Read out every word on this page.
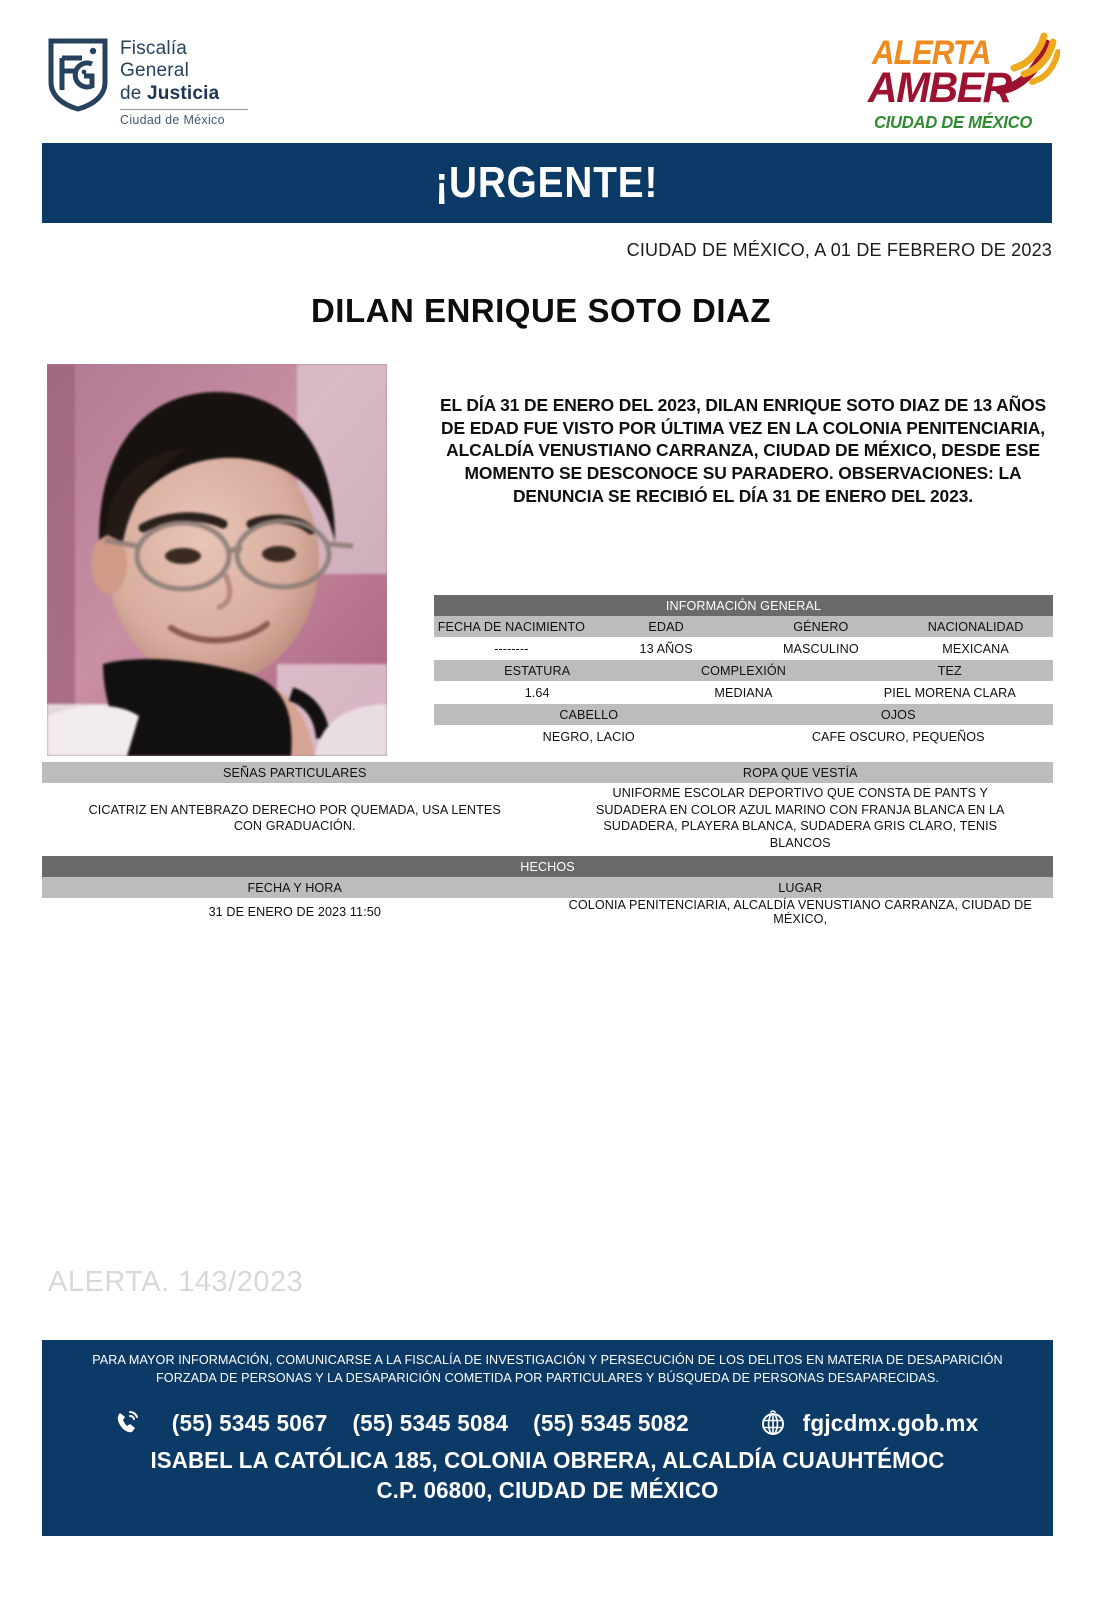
Fiscalía
General
de Justicia
Ciudad de México
ALERTA
AMBER
CIUDAD DE MÉXICO
¡URGENTE!
CIUDAD DE MÉXICO, A 01 DE FEBRERO DE 2023
DILAN ENRIQUE SOTO DIAZ
EL DÍA 31 DE ENERO DEL 2023, DILAN ENRIQUE SOTO DIAZ DE 13 AÑOS DE EDAD FUE VISTO POR ÚLTIMA VEZ EN LA COLONIA PENITENCIARIA, ALCALDÍA VENUSTIANO CARRANZA, CIUDAD DE MÉXICO, DESDE ESE MOMENTO SE DESCONOCE SU PARADERO. OBSERVACIONES: LA DENUNCIA SE RECIBIÓ EL DÍA 31 DE ENERO DEL 2023.
INFORMACIÓN GENERAL					
FECHA DE NACIMIENTO	EDAD		GÉNERO		NACIONALIDAD
--------	13 AÑOS		MASCULINO		MEXICANA
ESTATURA		COMPLEXIÓN		TEZ	
1.64		MEDIANA		PIEL MORENA CLARA	
CABELLO			OJOS		
NEGRO, LACIO			CAFE OSCURO, PEQUEÑOS		
SEÑAS PARTICULARES	ROPA QUE VESTÍA
CICATRIZ EN ANTEBRAZO DERECHO POR QUEMADA, USA LENTES CON GRADUACIÓN.	UNIFORME ESCOLAR DEPORTIVO QUE CONSTA DE PANTS Y SUDADERA EN COLOR AZUL MARINO CON FRANJA BLANCA EN LA SUDADERA, PLAYERA BLANCA, SUDADERA GRIS CLARO, TENIS BLANCOS
HECHOS	
FECHA Y HORA	LUGAR
31 DE ENERO DE 2023 11:50	COLONIA PENITENCIARIA, ALCALDÍA VENUSTIANO CARRANZA, CIUDAD DE MÉXICO,
ALERTA. 143/2023
PARA MAYOR INFORMACIÓN, COMUNICARSE A LA FISCALÍA DE INVESTIGACIÓN Y PERSECUCIÓN DE LOS DELITOS EN MATERIA DE DESAPARICIÓN FORZADA DE PERSONAS Y LA DESAPARICIÓN COMETIDA POR PARTICULARES Y BÚSQUEDA DE PERSONAS DESAPARECIDAS.
(55) 5345 5067 (55) 5345 5084 (55) 5345 5082	fgjcdmx.gob.mx
ISABEL LA CATÓLICA 185, COLONIA OBRERA, ALCALDÍA CUAUHTÉMOC
C.P. 06800, CIUDAD DE MÉXICO
